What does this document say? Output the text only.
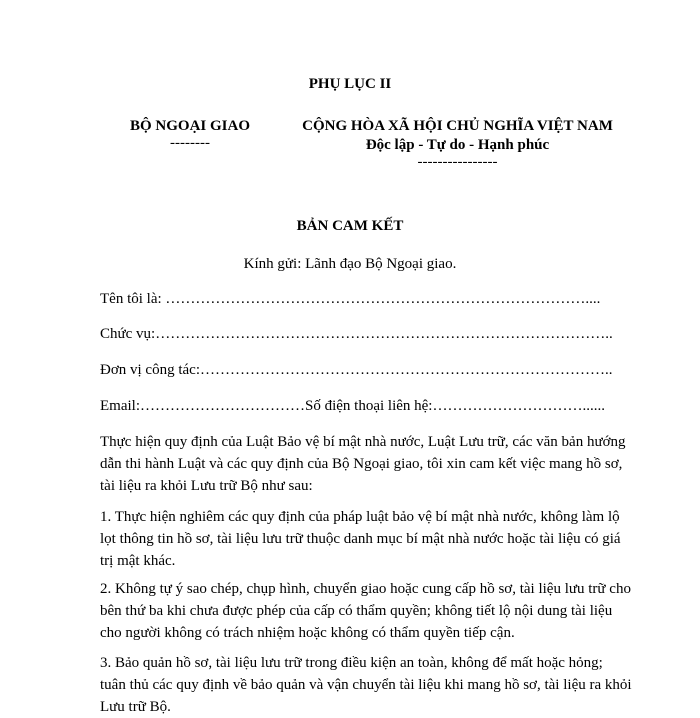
PHỤ LỤC II
BỘ NGOẠI GIAO
--------
CỘNG HÒA XÃ HỘI CHỦ NGHĨA VIỆT NAM
Độc lập - Tự do - Hạnh phúc
----------------
BẢN CAM KẾT
Kính gửi: Lãnh đạo Bộ Ngoại giao.
Tên tôi là: …………………………………………………………………………....
Chức vụ:………………………………………………………………………………..
Đơn vị công tác:………………………………………………………………………..
Email:……………………………Số điện thoại liên hệ:…………………………......
Thực hiện quy định của Luật Bảo vệ bí mật nhà nước, Luật Lưu trữ, các văn bản hướng dẫn thi hành Luật và các quy định của Bộ Ngoại giao, tôi xin cam kết việc mang hồ sơ, tài liệu ra khỏi Lưu trữ Bộ như sau:
1. Thực hiện nghiêm các quy định của pháp luật bảo vệ bí mật nhà nước, không làm lộ lọt thông tin hồ sơ, tài liệu lưu trữ thuộc danh mục bí mật nhà nước hoặc tài liệu có giá trị mật khác.
2. Không tự ý sao chép, chụp hình, chuyển giao hoặc cung cấp hồ sơ, tài liệu lưu trữ cho bên thứ ba khi chưa được phép của cấp có thẩm quyền; không tiết lộ nội dung tài liệu cho người không có trách nhiệm hoặc không có thẩm quyền tiếp cận.
3. Bảo quản hồ sơ, tài liệu lưu trữ trong điều kiện an toàn, không để mất hoặc hỏng; tuân thủ các quy định về bảo quản và vận chuyển tài liệu khi mang hồ sơ, tài liệu ra khỏi Lưu trữ Bộ.
